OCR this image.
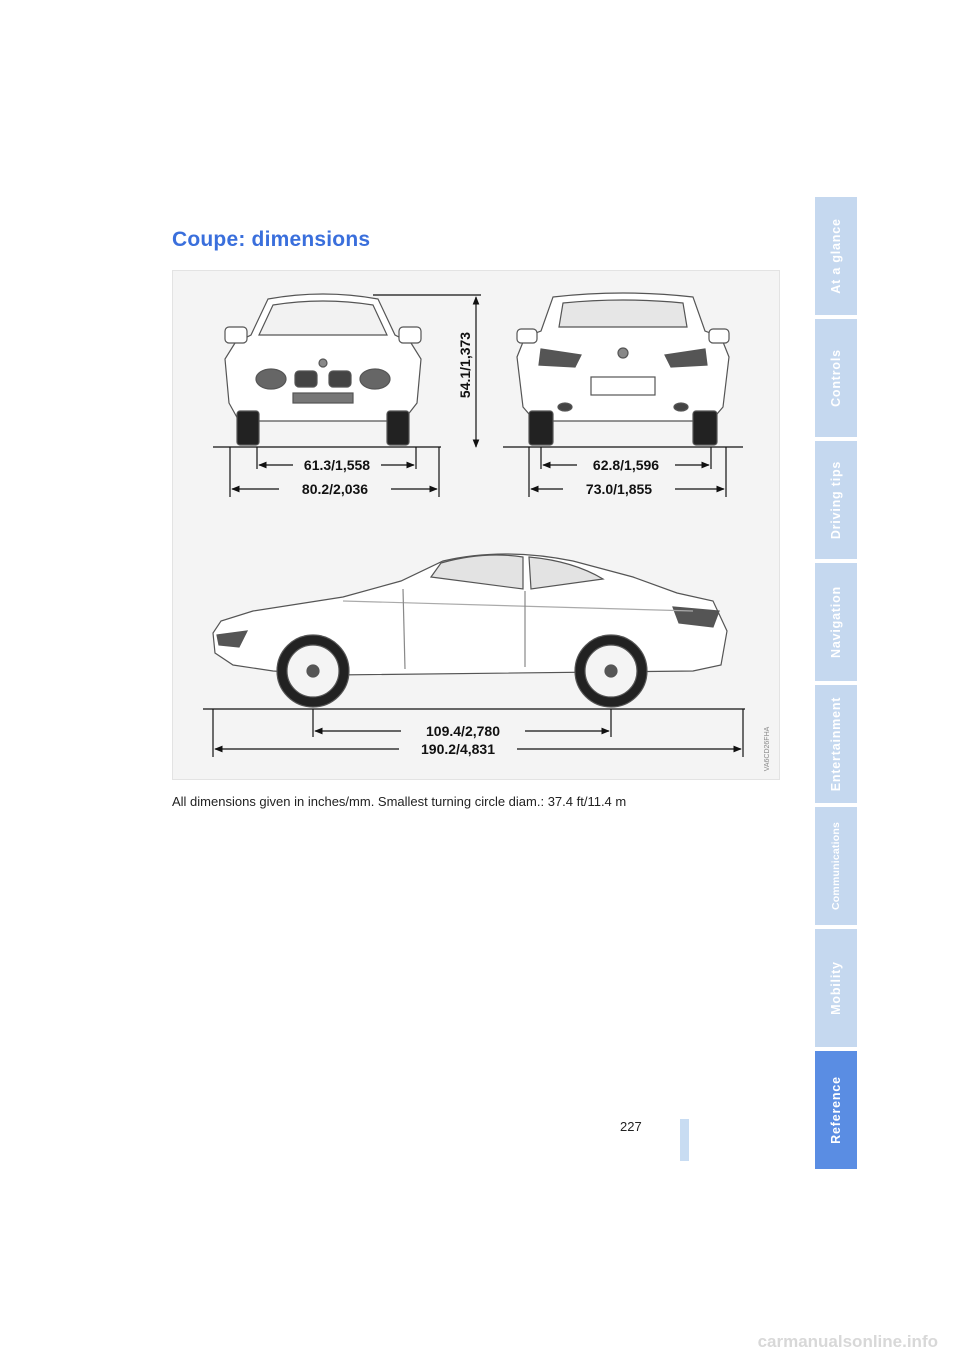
Coupe: dimensions
61.3/1,558
80.2/2,036
62.8/1,596
73.0/1,855
54.1/1,373
109.4/2,780
190.2/4,831	VA6CD26FHA
All dimensions given in inches/mm. Smallest turning circle diam.: 37.4 ft/11.4 m
At a glance
Controls
Driving tips
Navigation
Entertainment
Communications
Mobility
Reference
227
carmanualsonline.info
